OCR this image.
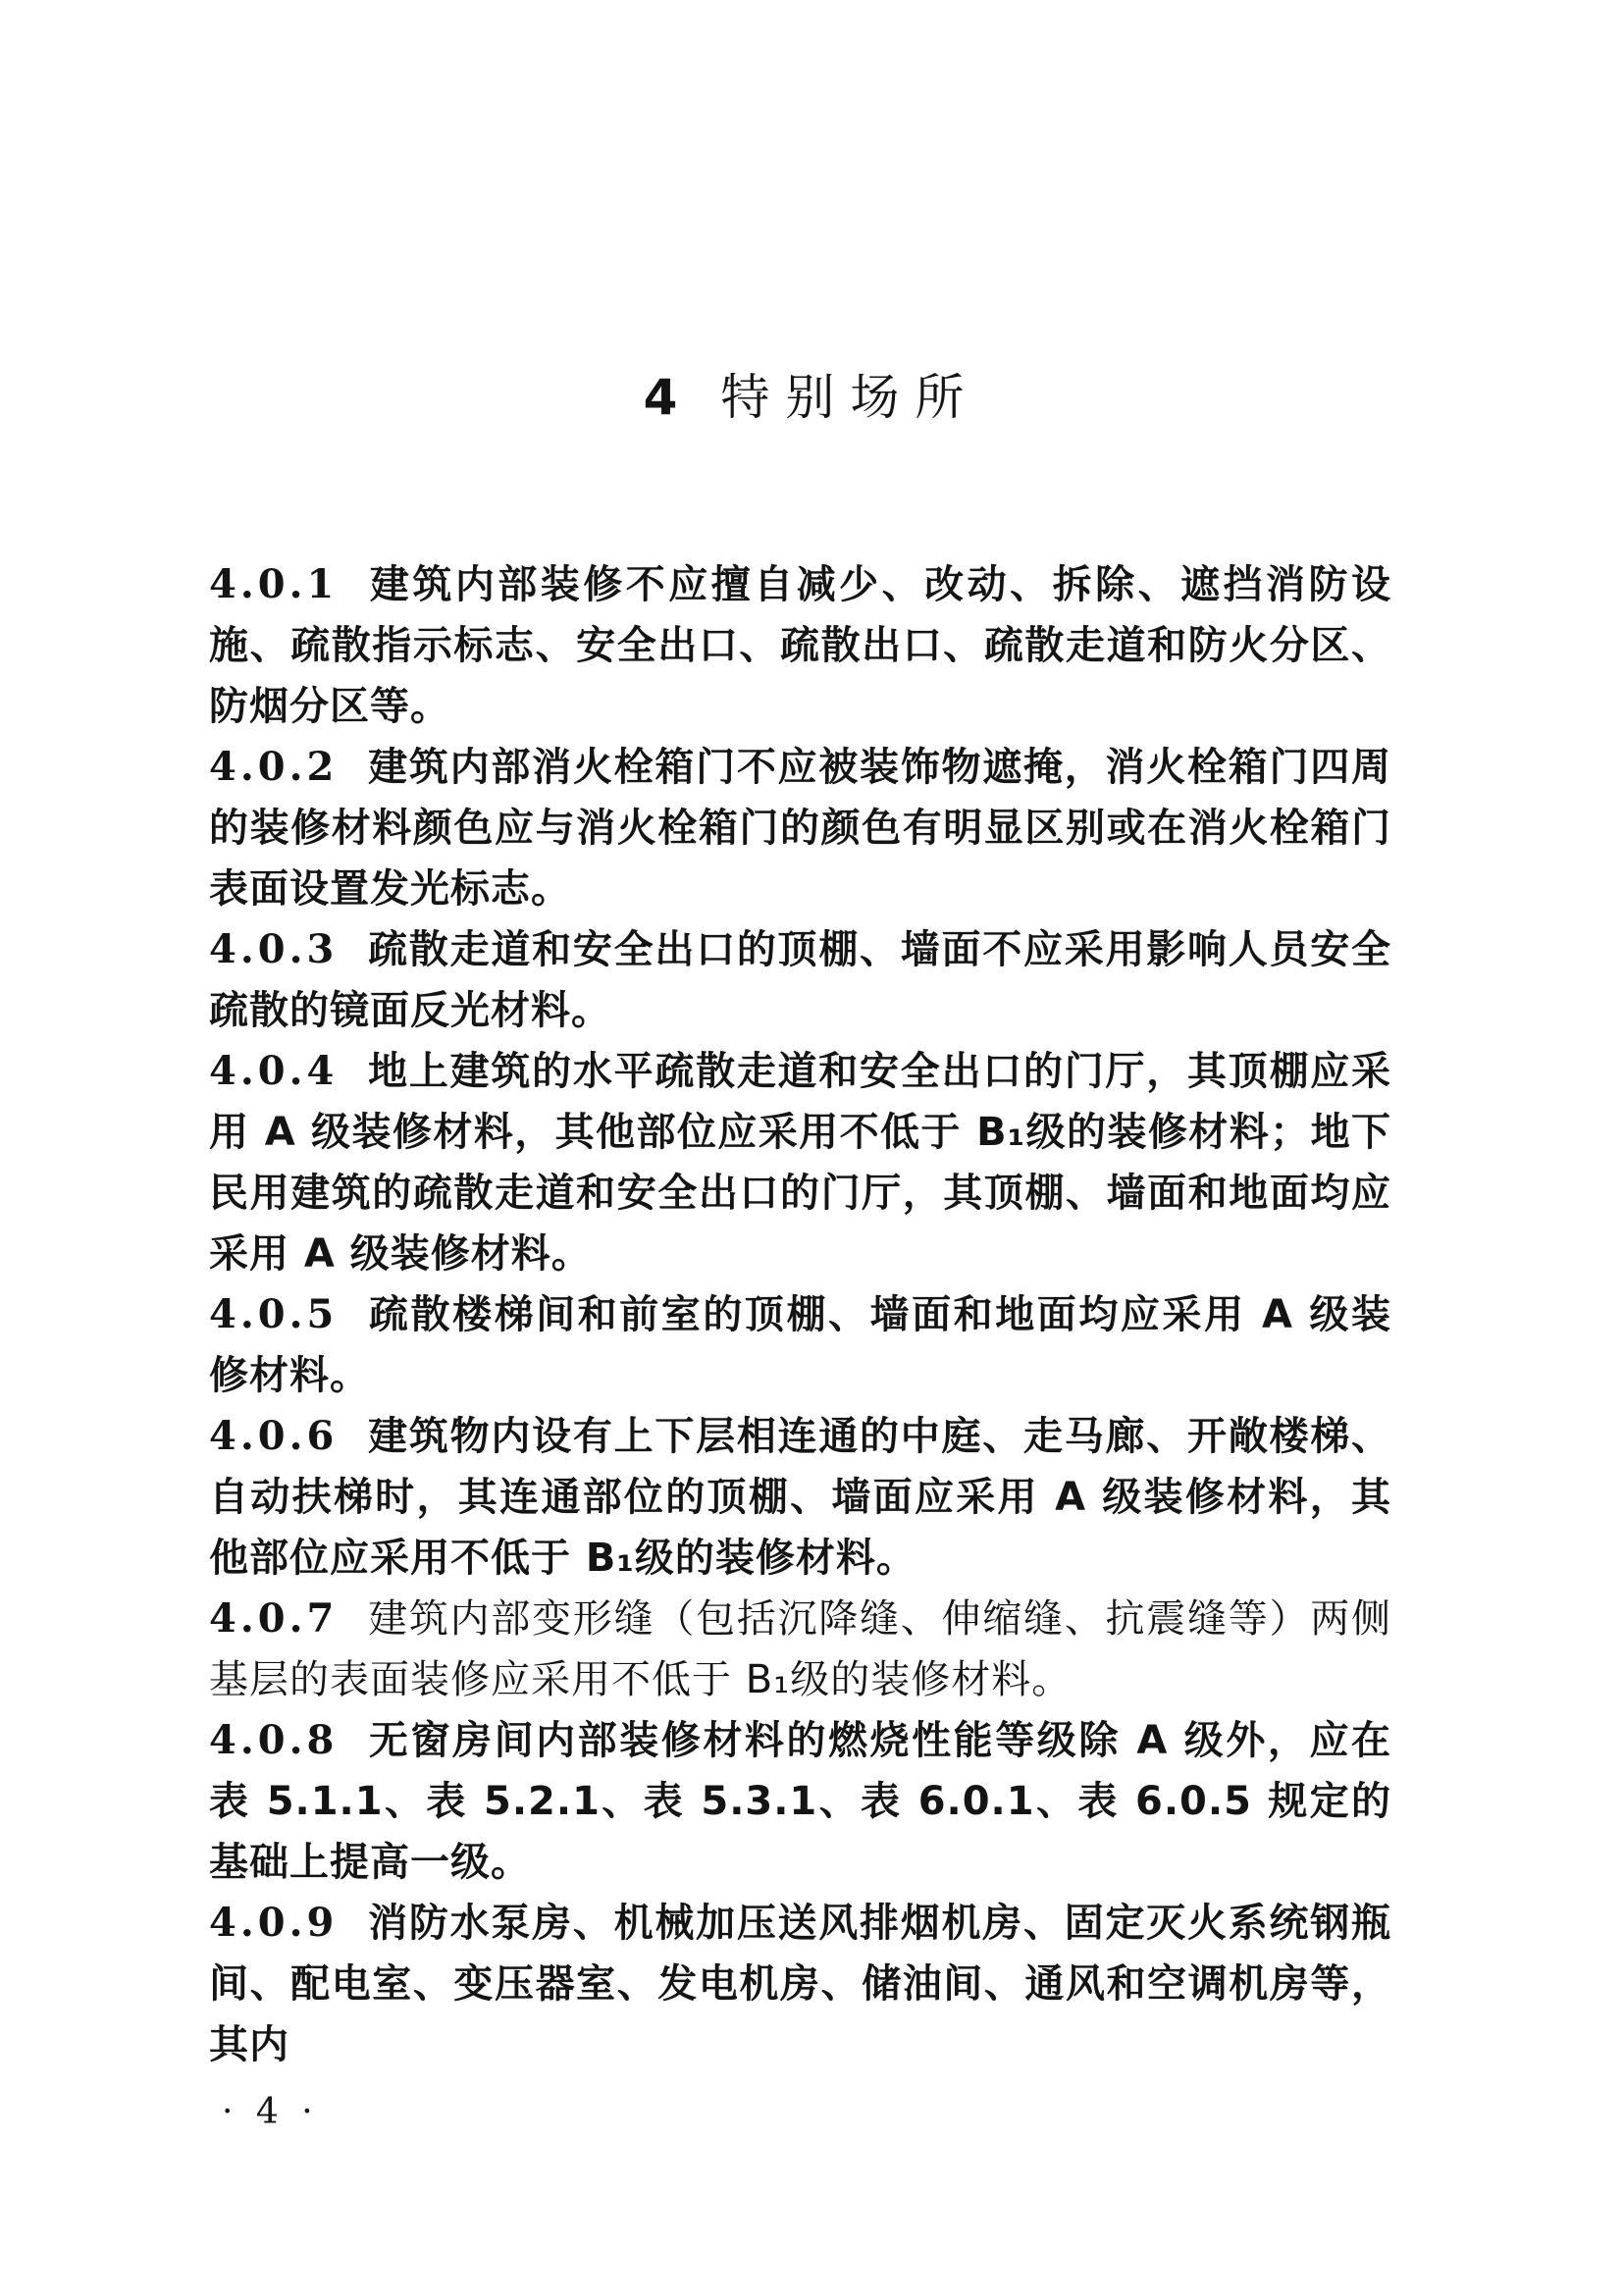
4 特别场所

4.0.1 建筑内部装修不应擅自减少、改动、拆除、遮挡消防设施、疏散指示标志、安全出口、疏散出口、疏散走道和防火分区、防烟分区等。

4.0.2 建筑内部消火栓箱门不应被装饰物遮掩，消火栓箱门四周的装修材料颜色应与消火栓箱门的颜色有明显区别或在消火栓箱门表面设置发光标志。

4.0.3 疏散走道和安全出口的顶棚、墙面不应采用影响人员安全疏散的镜面反光材料。

4.0.4 地上建筑的水平疏散走道和安全出口的门厅，其顶棚应采用 A 级装修材料，其他部位应采用不低于 B₁级的装修材料；地下民用建筑的疏散走道和安全出口的门厅，其顶棚、墙面和地面均应采用 A 级装修材料。

4.0.5 疏散楼梯间和前室的顶棚、墙面和地面均应采用 A 级装修材料。

4.0.6 建筑物内设有上下层相连通的中庭、走马廊、开敞楼梯、自动扶梯时，其连通部位的顶棚、墙面应采用 A 级装修材料，其他部位应采用不低于 B₁级的装修材料。

4.0.7 建筑内部变形缝（包括沉降缝、伸缩缝、抗震缝等）两侧基层的表面装修应采用不低于 B₁级的装修材料。

4.0.8 无窗房间内部装修材料的燃烧性能等级除 A 级外，应在表 5.1.1、表 5.2.1、表 5.3.1、表 6.0.1、表 6.0.5 规定的基础上提高一级。

4.0.9 消防水泵房、机械加压送风排烟机房、固定灭火系统钢瓶间、配电室、变压器室、发电机房、储油间、通风和空调机房等，其内

· 4 ·
